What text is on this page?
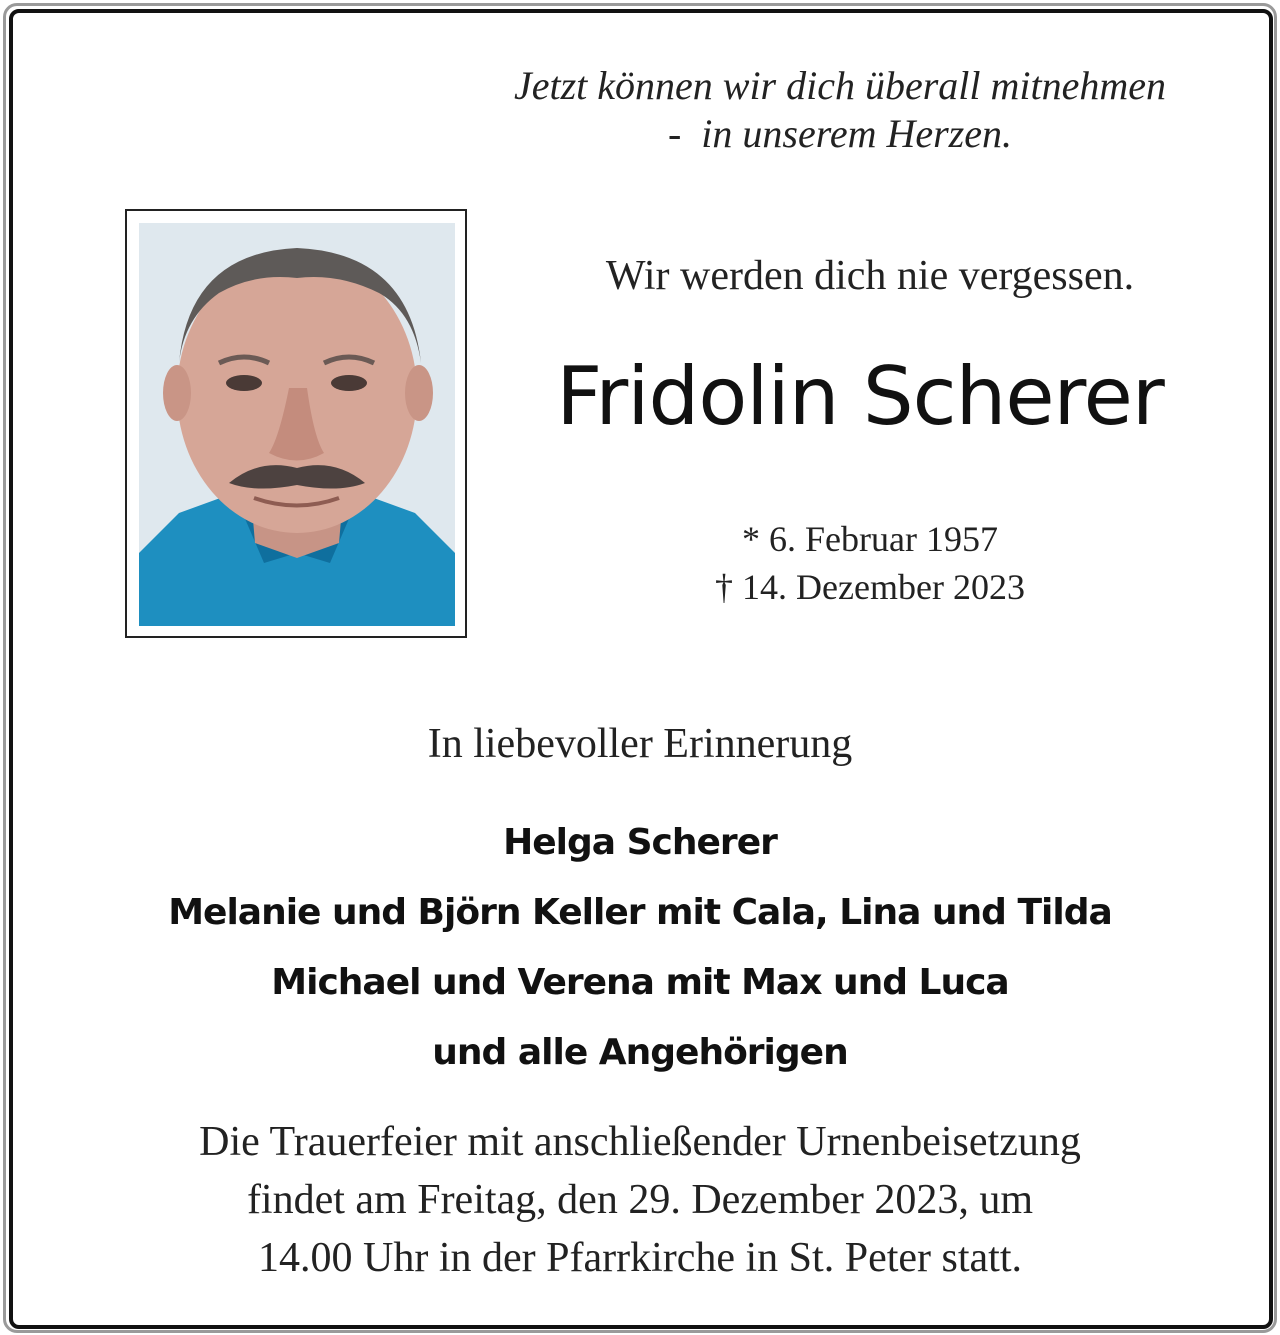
Jetzt können wir dich überall mitnehmen
-  in unserem Herzen.
Wir werden dich nie vergessen.
Fridolin Scherer
* 6. Februar 1957
† 14. Dezember 2023
In liebevoller Erinnerung
Helga Scherer
Melanie und Björn Keller mit Cala, Lina und Tilda
Michael und Verena mit Max und Luca
und alle Angehörigen
Die Trauerfeier mit anschließender Urnenbeisetzung
findet am Freitag, den 29. Dezember 2023, um
14.00 Uhr in der Pfarrkirche in St. Peter statt.
